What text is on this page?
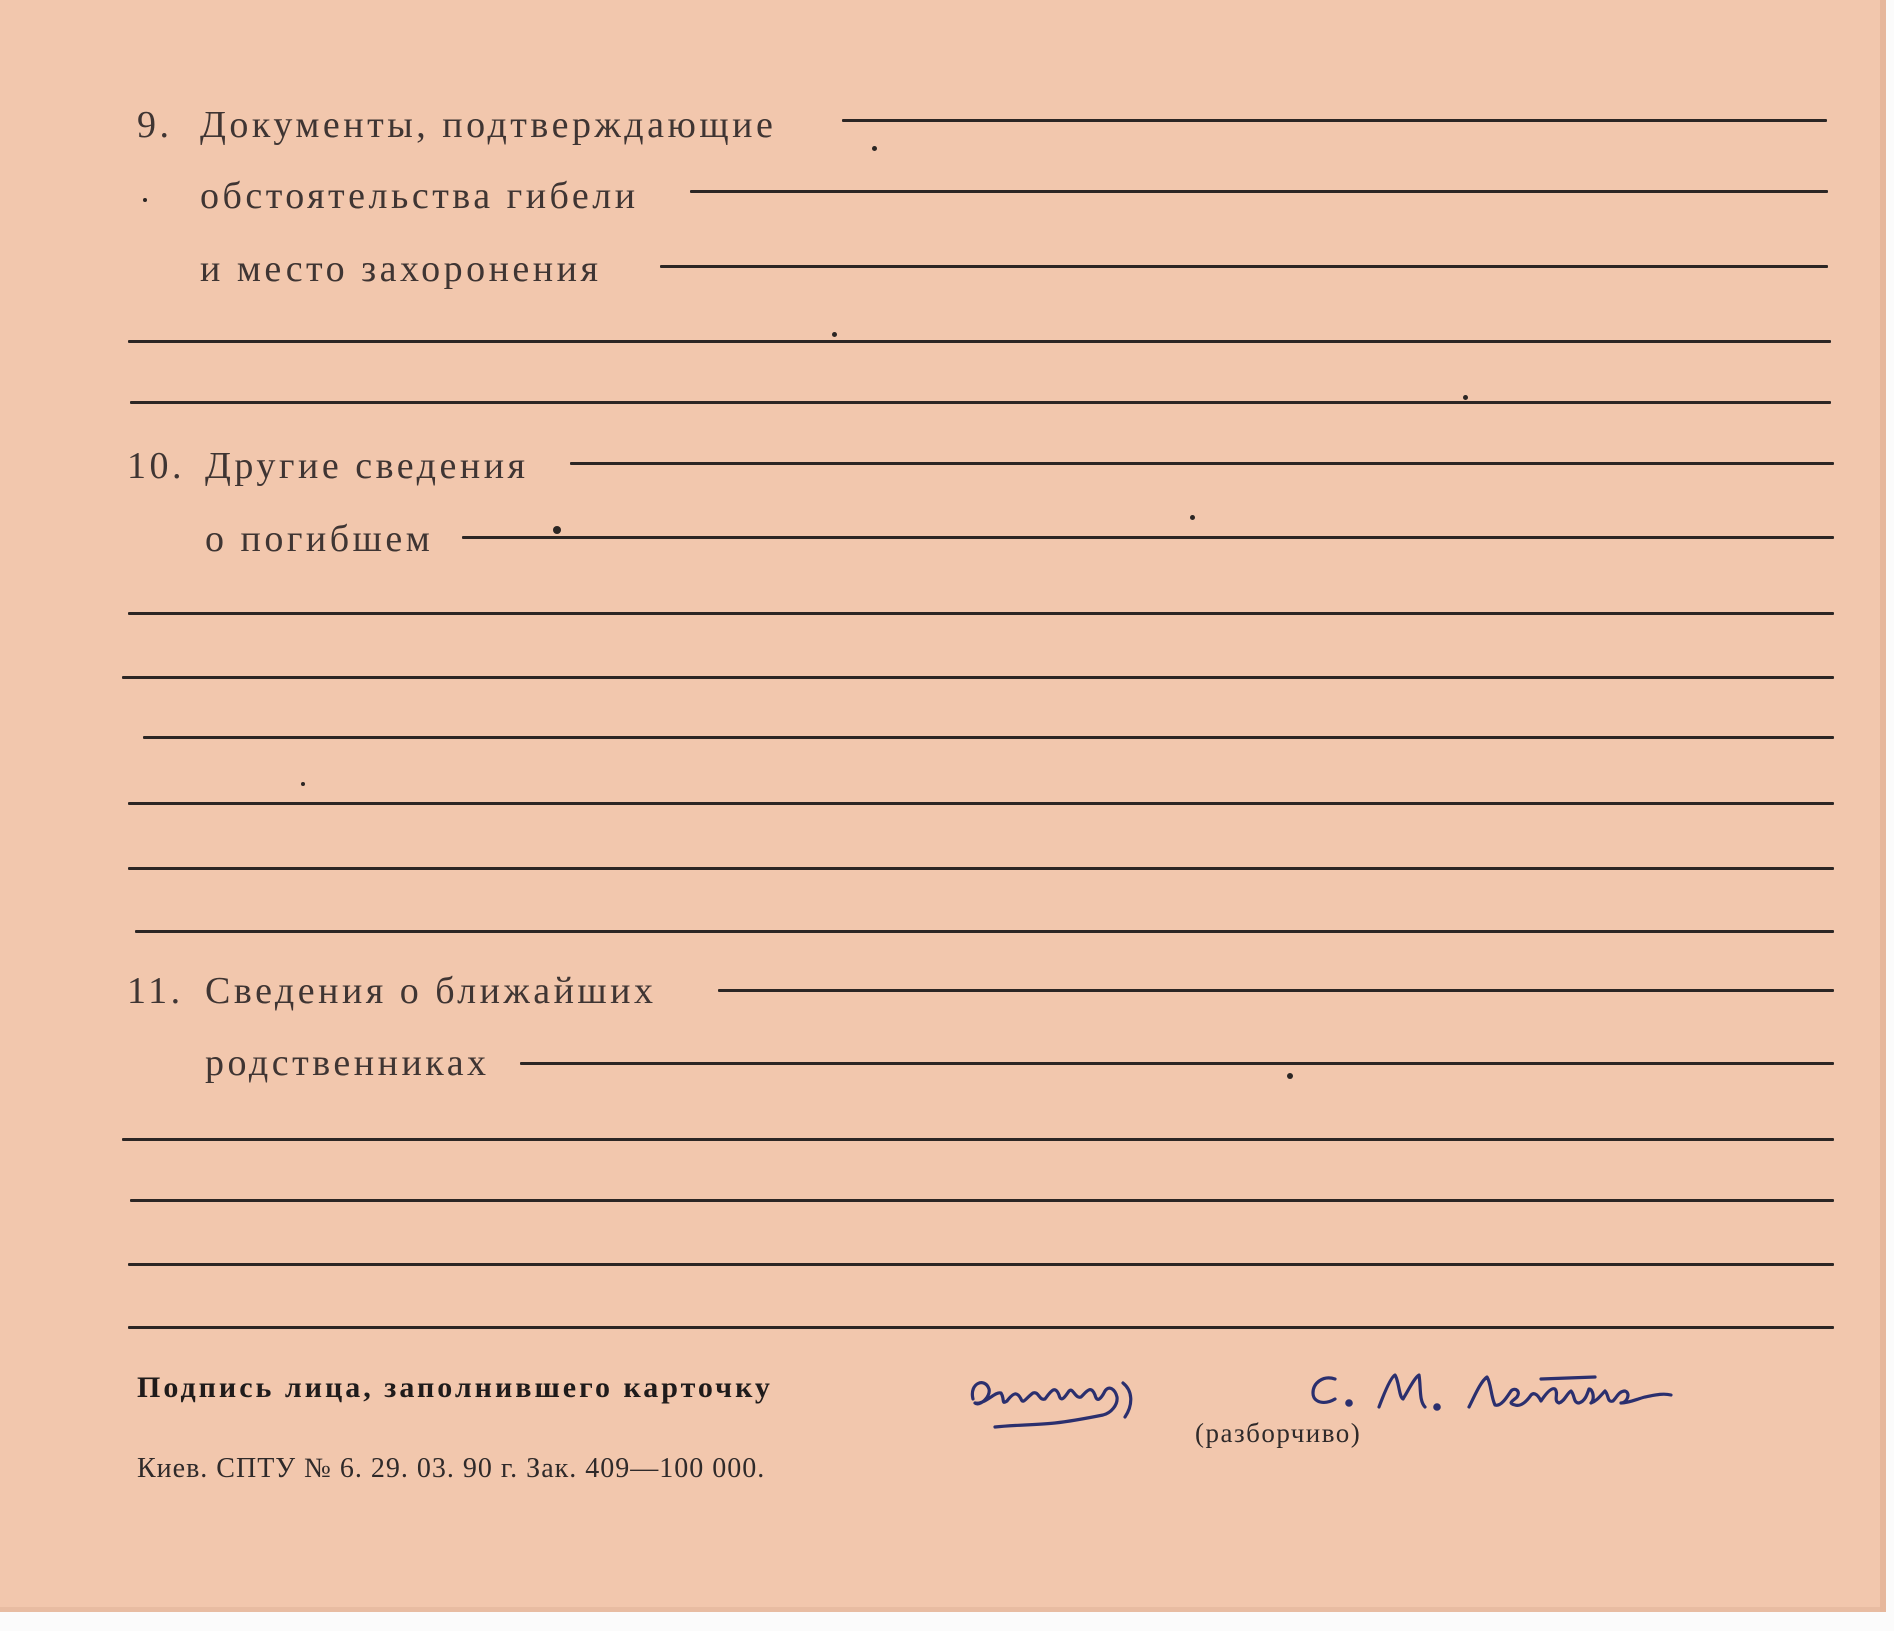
9. Документы, подтверждающие
обстоятельства гибели
и место захоронения
10. Другие сведения
о погибшем
11. Сведения о ближайших
родственниках
Подпись лица, заполнившего карточку
(разборчиво)
Киев. СПТУ № 6. 29. 03. 90 г. Зак. 409—100 000.
